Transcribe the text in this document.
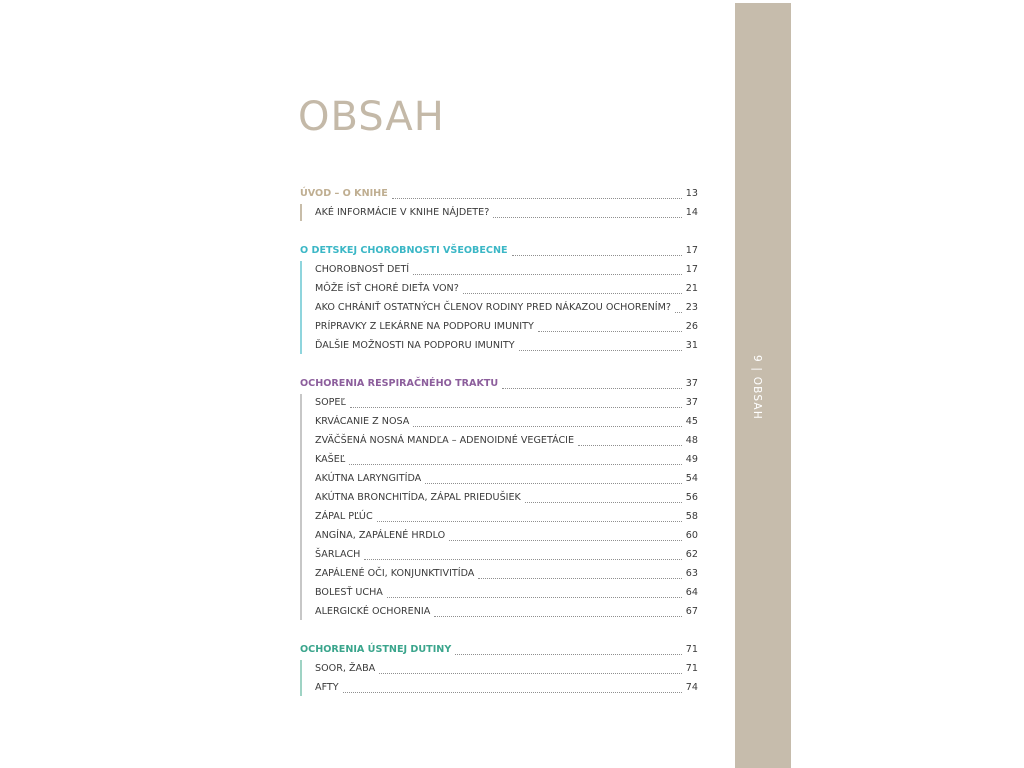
9 | OBSAH
OBSAH
ÚVOD – O KNIHE	13
AKÉ INFORMÁCIE V KNIHE NÁJDETE?	14
O DETSKEJ CHOROBNOSTI VŠEOBECNE	17
CHOROBNOSŤ DETÍ	17
MÔŽE ÍSŤ CHORÉ DIEŤA VON?	21
AKO CHRÁNIŤ OSTATNÝCH ČLENOV RODINY PRED NÁKAZOU OCHORENÍM? 23
PRÍPRAVKY Z LEKÁRNE NA PODPORU IMUNITY	26
ĎALŠIE MOŽNOSTI NA PODPORU IMUNITY	31
OCHORENIA RESPIRAČNÉHO TRAKTU	37
SOPEĽ	37
KRVÁCANIE Z NOSA	45
ZVÄČŠENÁ NOSNÁ MANDĽA – ADENOIDNÉ VEGETÁCIE	48
KAŠEĽ	49
AKÚTNA LARYNGITÍDA	54
AKÚTNA BRONCHITÍDA, ZÁPAL PRIEDUŠIEK	56
ZÁPAL PĽÚC	58
ANGÍNA, ZAPÁLENÉ HRDLO	60
ŠARLACH	62
ZAPÁLENÉ OČI, KONJUNKTIVITÍDA	63
BOLESŤ UCHA	64
ALERGICKÉ OCHORENIA	67
OCHORENIA ÚSTNEJ DUTINY	71
SOOR, ŽABA	71
AFTY	74
